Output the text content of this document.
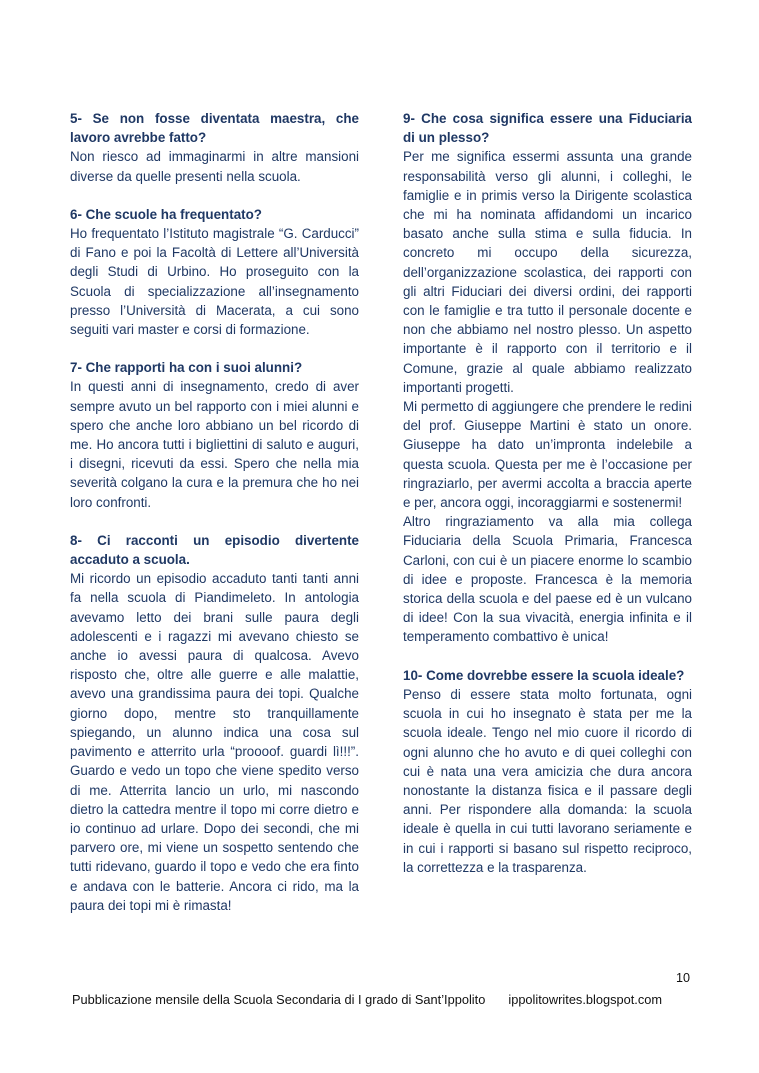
5- Se non fosse diventata maestra, che lavoro avrebbe fatto?

Non riesco ad immaginarmi in altre mansioni diverse da quelle presenti nella scuola.

6- Che scuole ha frequentato?

Ho frequentato l’Istituto magistrale “G. Carducci” di Fano e poi la Facoltà di Lettere all’Università degli Studi di Urbino. Ho proseguito con la Scuola di specializzazione all’insegnamento presso l’Università di Macerata, a cui sono seguiti vari master e corsi di formazione.

7- Che rapporti ha con i suoi alunni?

In questi anni di insegnamento, credo di aver sempre avuto un bel rapporto con i miei alunni e spero che anche loro abbiano un bel ricordo di me. Ho ancora tutti i bigliettini di saluto e auguri, i disegni, ricevuti da essi. Spero che nella mia severità colgano la cura e la premura che ho nei loro confronti.

8- Ci racconti un episodio divertente accaduto a scuola.

Mi ricordo un episodio accaduto tanti tanti anni fa nella scuola di Piandimeleto. In antologia avevamo letto dei brani sulle paura degli adolescenti e i ragazzi mi avevano chiesto se anche io avessi paura di qualcosa. Avevo risposto che, oltre alle guerre e alle malattie, avevo una grandissima paura dei topi. Qualche giorno dopo, mentre sto tranquillamente spiegando, un alunno indica una cosa sul pavimento e atterrito urla “proooof. guardi lì!!!”. Guardo e vedo un topo che viene spedito verso di me. Atterrita lancio un urlo, mi nascondo dietro la cattedra mentre il topo mi corre dietro e io continuo ad urlare. Dopo dei secondi, che mi parvero ore, mi viene un sospetto sentendo che tutti ridevano, guardo il topo e vedo che era finto e andava con le batterie. Ancora ci rido, ma la paura dei topi mi è rimasta!

9- Che cosa significa essere una Fiduciaria di un plesso?

Per me significa essermi assunta una grande responsabilità verso gli alunni, i colleghi, le famiglie e in primis verso la Dirigente scolastica che mi ha nominata affidandomi un incarico basato anche sulla stima e sulla fiducia. In concreto mi occupo della sicurezza, dell’organizzazione scolastica, dei rapporti con gli altri Fiduciari dei diversi ordini, dei rapporti con le famiglie e tra tutto il personale docente e non che abbiamo nel nostro plesso. Un aspetto importante è il rapporto con il territorio e il Comune, grazie al quale abbiamo realizzato importanti progetti.

Mi permetto di aggiungere che prendere le redini del prof. Giuseppe Martini è stato un onore. Giuseppe ha dato un’impronta indelebile a questa scuola. Questa per me è l’occasione per ringraziarlo, per avermi accolta a braccia aperte e per, ancora oggi, incoraggiarmi e sostenermi!

Altro ringraziamento va alla mia collega Fiduciaria della Scuola Primaria, Francesca Carloni, con cui è un piacere enorme lo scambio di idee e proposte. Francesca è la memoria storica della scuola e del paese ed è un vulcano di idee! Con la sua vivacità, energia infinita e il temperamento combattivo è unica!

10- Come dovrebbe essere la scuola ideale?

Penso di essere stata molto fortunata, ogni scuola in cui ho insegnato è stata per me la scuola ideale. Tengo nel mio cuore il ricordo di ogni alunno che ho avuto e di quei colleghi con cui è nata una vera amicizia che dura ancora nonostante la distanza fisica e il passare degli anni. Per rispondere alla domanda: la scuola ideale è quella in cui tutti lavorano seriamente e in cui i rapporti si basano sul rispetto reciproco, la correttezza e la trasparenza.

10
Pubblicazione mensile della Scuola Secondaria di I grado di Sant’Ippolito ippolitowrites.blogspot.com
